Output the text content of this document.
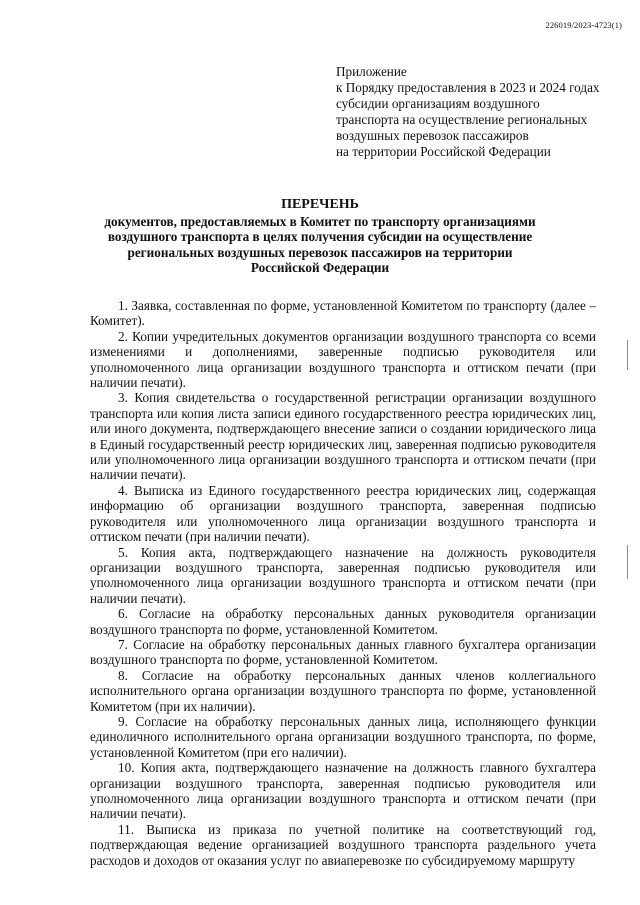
226019/2023-4723(1)
Приложение
к Порядку предоставления в 2023 и 2024 годах
субсидии организациям воздушного
транспорта на осуществление региональных
воздушных перевозок пассажиров
на территории Российской Федерации
ПЕРЕЧЕНЬ
документов, предоставляемых в Комитет по транспорту организациями
воздушного транспорта в целях получения субсидии на осуществление
региональных воздушных перевозок пассажиров на территории
Российской Федерации

1. Заявка, составленная по форме, установленной Комитетом по транспорту (далее – Комитет).

2. Копии учредительных документов организации воздушного транспорта со всеми изменениями и дополнениями, заверенные подписью руководителя или уполномоченного лица организации воздушного транспорта и оттиском печати (при наличии печати).

3. Копия свидетельства о государственной регистрации организации воздушного транспорта или копия листа записи единого государственного реестра юридических лиц, или иного документа, подтверждающего внесение записи о создании юридического лица в Единый государственный реестр юридических лиц, заверенная подписью руководителя или уполномоченного лица организации воздушного транспорта и оттиском печати (при наличии печати).

4. Выписка из Единого государственного реестра юридических лиц, содержащая информацию об организации воздушного транспорта, заверенная подписью руководителя или уполномоченного лица организации воздушного транспорта и оттиском печати (при наличии печати).

5. Копия акта, подтверждающего назначение на должность руководителя организации воздушного транспорта, заверенная подписью руководителя или уполномоченного лица организации воздушного транспорта и оттиском печати (при наличии печати).

6. Согласие на обработку персональных данных руководителя организации воздушного транспорта по форме, установленной Комитетом.

7. Согласие на обработку персональных данных главного бухгалтера организации воздушного транспорта по форме, установленной Комитетом.

8. Согласие на обработку персональных данных членов коллегиального исполнительного органа организации воздушного транспорта по форме, установленной Комитетом (при их наличии).

9. Согласие на обработку персональных данных лица, исполняющего функции единоличного исполнительного органа организации воздушного транспорта, по форме, установленной Комитетом (при его наличии).

10. Копия акта, подтверждающего назначение на должность главного бухгалтера организации воздушного транспорта, заверенная подписью руководителя или уполномоченного лица организации воздушного транспорта и оттиском печати (при наличии печати).

11. Выписка из приказа по учетной политике на соответствующий год, подтверждающая ведение организацией воздушного транспорта раздельного учета расходов и доходов от оказания услуг по авиаперевозке по субсидируемому маршруту
